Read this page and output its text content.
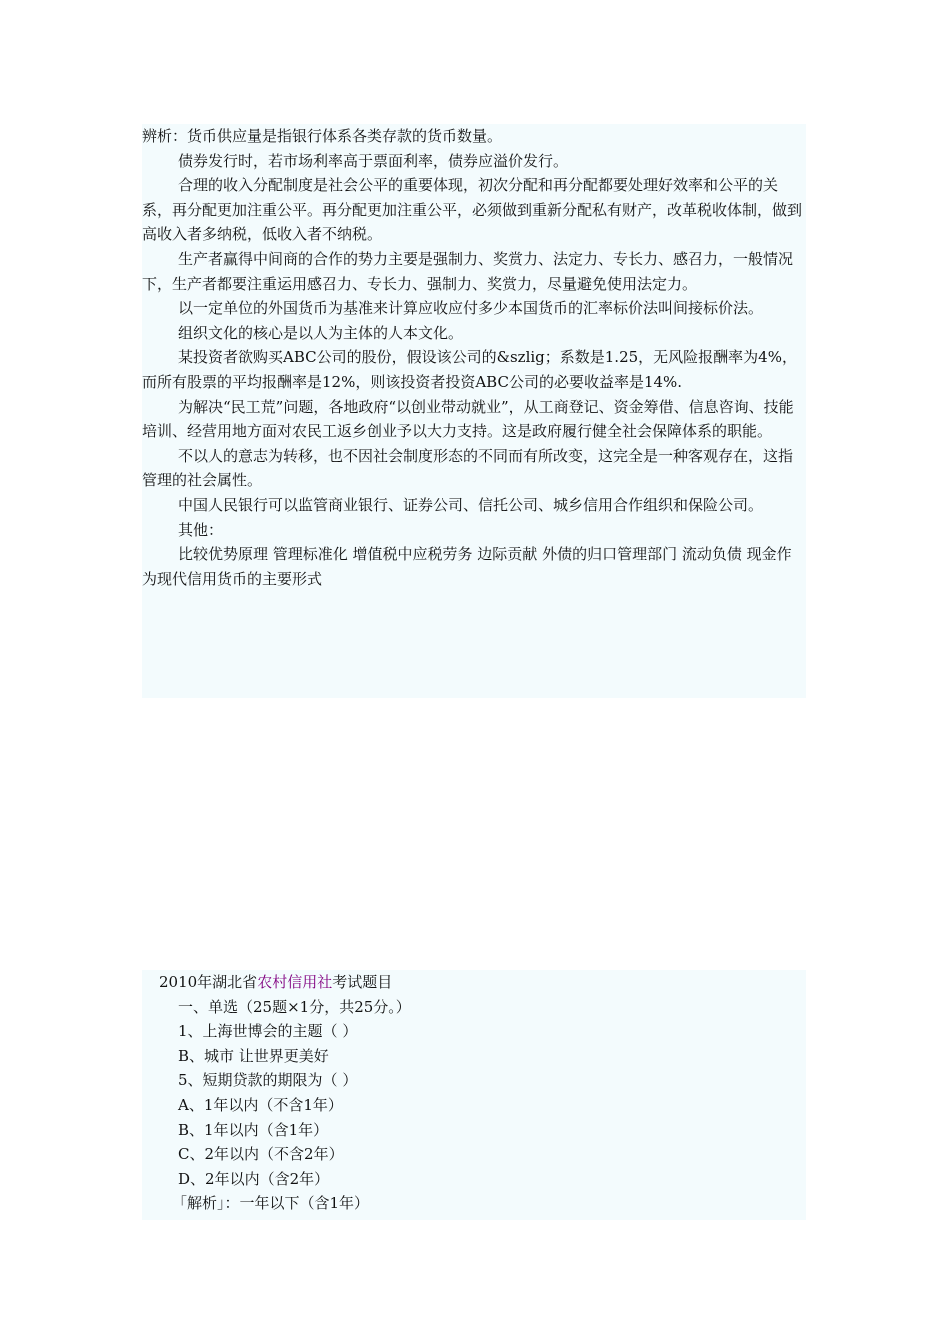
辨析：货币供应量是指银行体系各类存款的货币数量。

债券发行时，若市场利率高于票面利率，债券应溢价发行。

合理的收入分配制度是社会公平的重要体现，初次分配和再分配都要处理好效率和公平的关系，再分配更加注重公平。再分配更加注重公平，必须做到重新分配私有财产，改革税收体制，做到高收入者多纳税，低收入者不纳税。

生产者赢得中间商的合作的势力主要是强制力、奖赏力、法定力、专长力、感召力，一般情况下，生产者都要注重运用感召力、专长力、强制力、奖赏力，尽量避免使用法定力。

以一定单位的外国货币为基准来计算应收应付多少本国货币的汇率标价法叫间接标价法。

组织文化的核心是以人为主体的人本文化。

某投资者欲购买ABC公司的股份，假设该公司的&szlig；系数是1.25，无风险报酬率为4%，而所有股票的平均报酬率是12%，则该投资者投资ABC公司的必要收益率是14%.

为解决“民工荒”问题，各地政府“以创业带动就业”，从工商登记、资金筹借、信息咨询、技能培训、经营用地方面对农民工返乡创业予以大力支持。这是政府履行健全社会保障体系的职能。

不以人的意志为转移，也不因社会制度形态的不同而有所改变，这完全是一种客观存在，这指管理的社会属性。

中国人民银行可以监管商业银行、证券公司、信托公司、城乡信用合作组织和保险公司。

其他：

比较优势原理 管理标准化 增值税中应税劳务 边际贡献 外债的归口管理部门 流动负债 现金作为现代信用货币的主要形式

2010年湖北省农村信用社考试题目

一、单选（25题×1分，共25分。）

1、上海世博会的主题（ ）

B、城市 让世界更美好

5、短期贷款的期限为（ ）

A、1年以内（不含1年）

B、1年以内（含1年）

C、2年以内（不含2年）

D、2年以内（含2年）

「解析」：一年以下（含1年）
